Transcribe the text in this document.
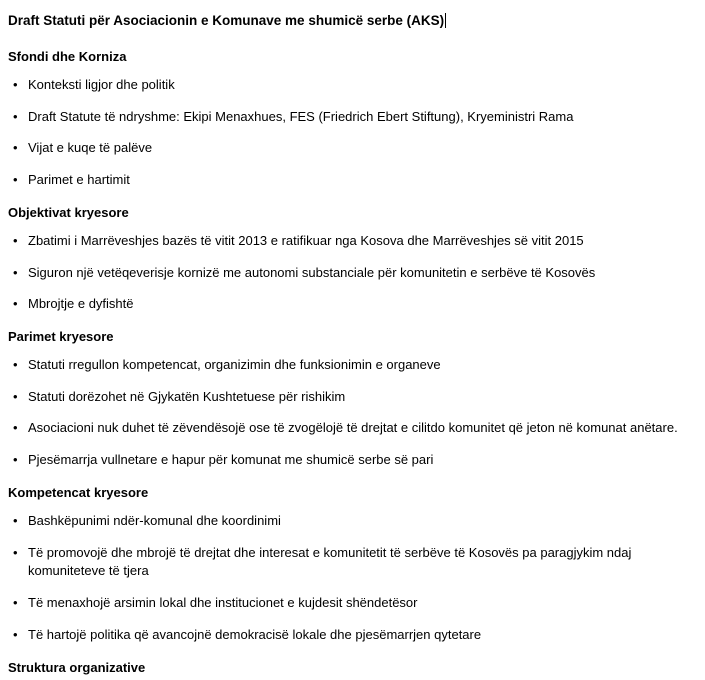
Draft Statuti për Asociacionin e Komunave me shumicë serbe (AKS)
Sfondi dhe Korniza
• Konteksti ligjor dhe politik
• Draft Statute të ndryshme: Ekipi Menaxhues, FES (Friedrich Ebert Stiftung), Kryeministri Rama
• Vijat e kuqe të palëve
• Parimet e hartimit
Objektivat kryesore
• Zbatimi i Marrëveshjes bazës të vitit 2013 e ratifikuar nga Kosova dhe Marrëveshjes së vitit 2015
• Siguron një vetëqeverisje kornizë me autonomi substanciale për komunitetin e serbëve të Kosovës
• Mbrojtje e dyfishtë
Parimet kryesore
• Statuti rregullon kompetencat, organizimin dhe funksionimin e organeve
• Statuti dorëzohet në Gjykatën Kushtetuese për rishikim
• Asociacioni nuk duhet të zëvendësojë ose të zvogëlojë të drejtat e cilitdo komunitet që jeton në komunat anëtare.
• Pjesëmarrja vullnetare e hapur për komunat me shumicë serbe së pari
Kompetencat kryesore
• Bashkëpunimi ndër-komunal dhe koordinimi
• Të promovojë dhe mbrojë të drejtat dhe interesat e komunitetit të serbëve të Kosovës pa paragjykim ndaj komuniteteve të tjera
• Të menaxhojë arsimin lokal dhe institucionet e kujdesit shëndetësor
• Të hartojë politika që avancojnë demokracisë lokale dhe pjesëmarrjen qytetare
Struktura organizative
